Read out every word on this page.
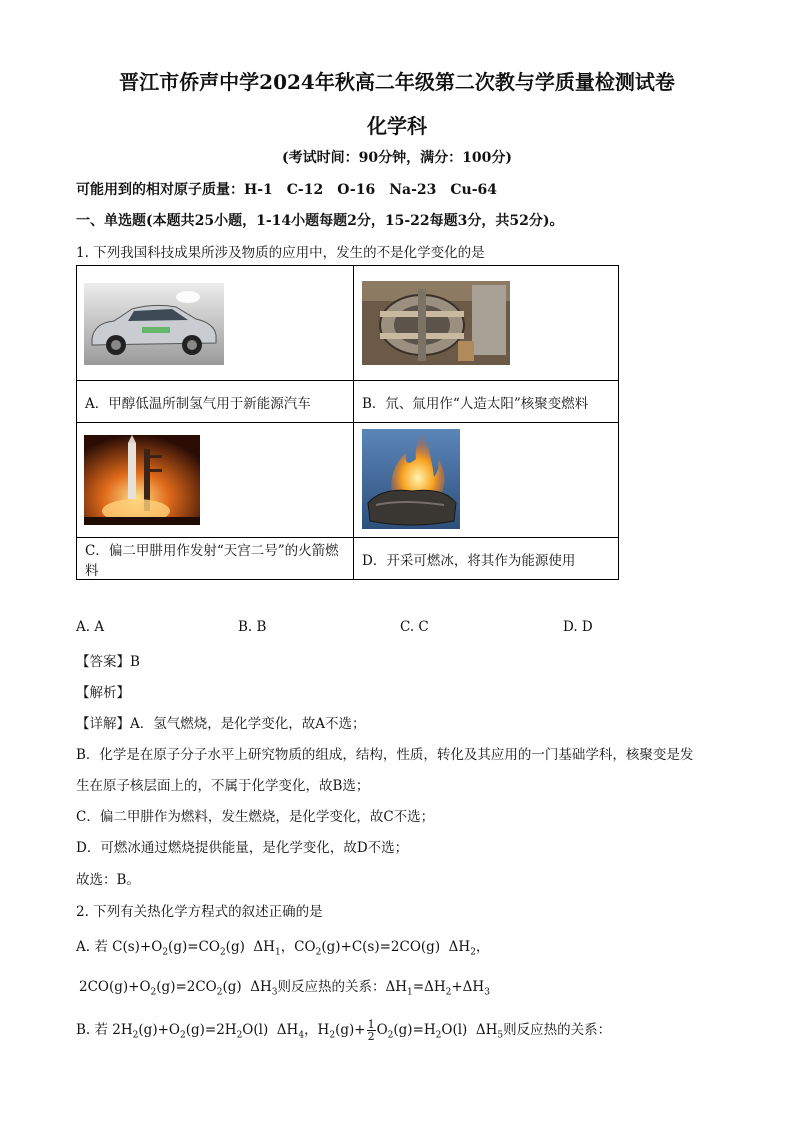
晋江市侨声中学2024年秋高二年级第二次教与学质量检测试卷
化学科
(考试时间：90分钟，满分：100分)
可能用到的相对原子质量：H-1　C-12　O-16　Na-23　Cu-64
一、单选题(本题共25小题，1-14小题每题2分，15-22每题3分，共52分)。
1. 下列我国科技成果所涉及物质的应用中，发生的不是化学变化的是

A．甲醇低温所制氢气用于新能源汽车	B．氘、氚用作“人造太阳”核聚变燃料

C．偏二甲肼用作发射“天宫二号”的火箭燃料	D．开采可燃冰，将其作为能源使用
A. A	B. B	C. C	D. D
【答案】B
【解析】
【详解】A．氢气燃烧，是化学变化，故A不选；
B．化学是在原子分子水平上研究物质的组成，结构，性质，转化及其应用的一门基础学科，核聚变是发
生在原子核层面上的，不属于化学变化，故B选；
C．偏二甲肼作为燃料，发生燃烧，是化学变化，故C不选；
D．可燃冰通过燃烧提供能量，是化学变化，故D不选；
故选：B。
2. 下列有关热化学方程式的叙述正确的是
A. 若 $C(s)+O_2(g)=CO_2(g)$  $\Delta H_1$，$CO_2(g)+C(s)=2CO(g)$  $\Delta H_2$，
$2CO(g)+O_2(g)=2CO_2(g)$  $\Delta H_3$则反应热的关系：$\Delta H_1=\Delta H_2+\Delta H_3$
B. 若 $2H_2(g)+O_2(g)=2H_2O(l)$  $\Delta H_4$，$H_2(g)+ \frac{1}{2} O_2(g)=H_2O(l)$  $\Delta H_5$则反应热的关系：
